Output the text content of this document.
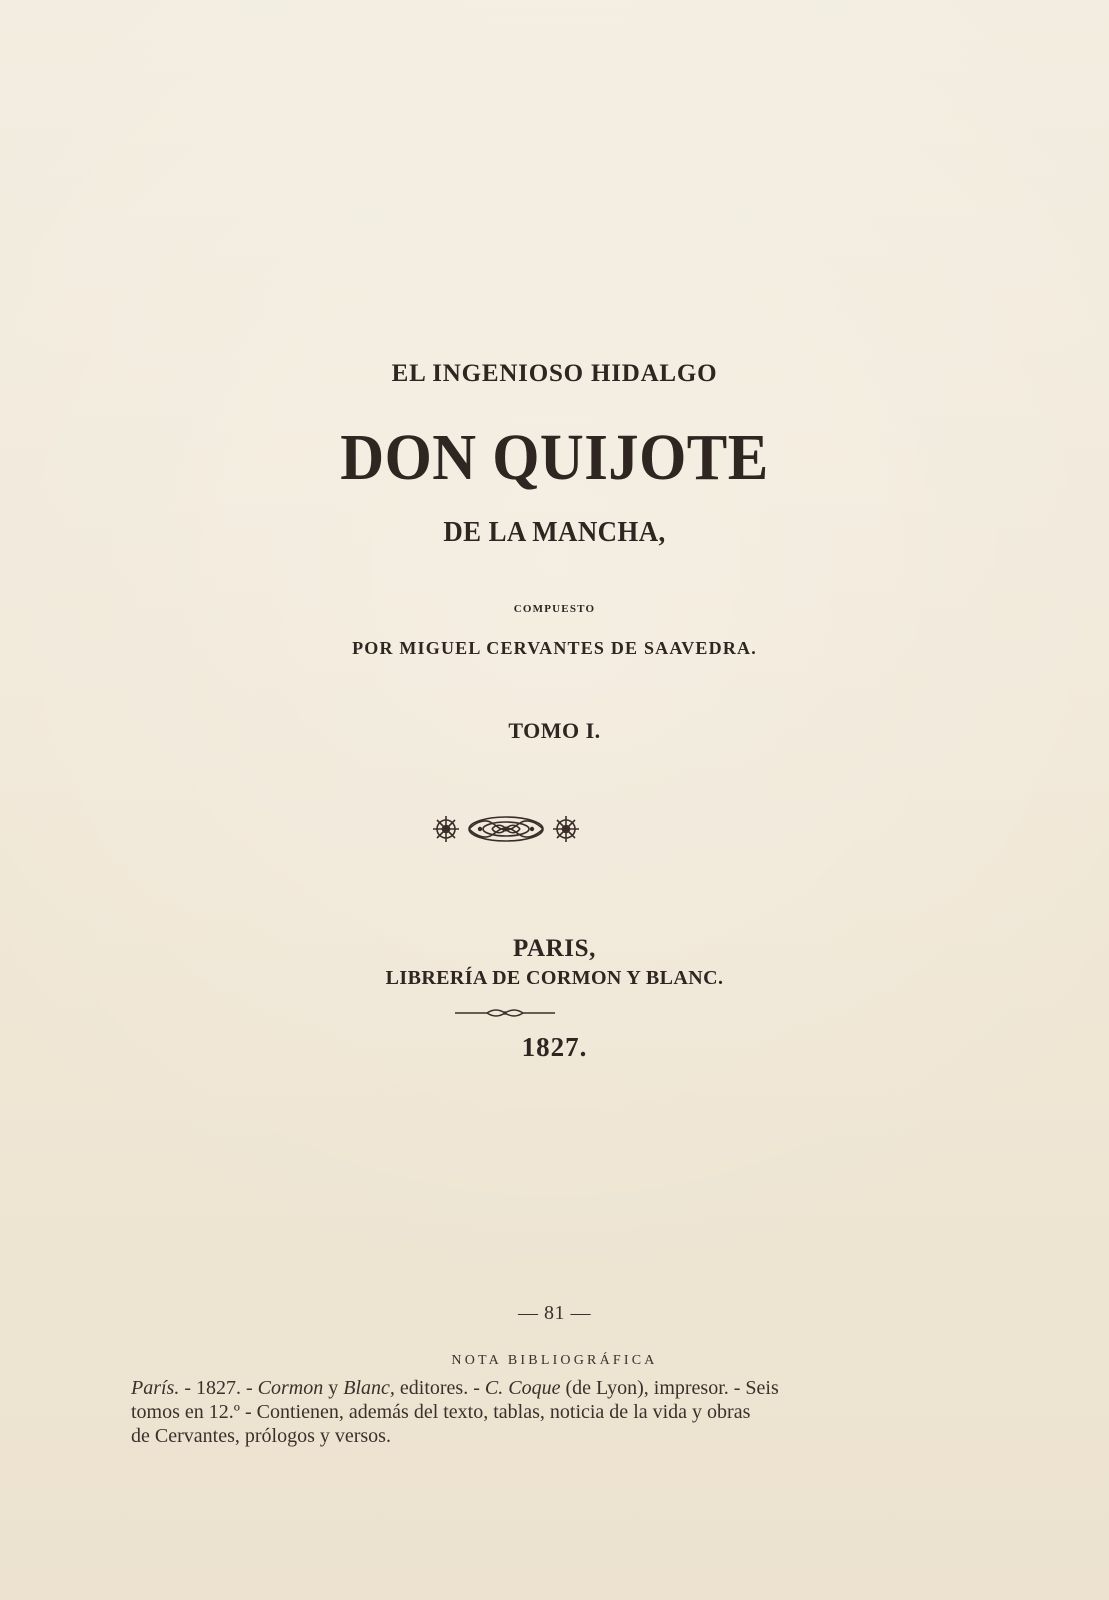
EL INGENIOSO HIDALGO
DON QUIJOTE
DE LA MANCHA,
COMPUESTO
POR MIGUEL CERVANTES DE SAAVEDRA.
TOMO I.
PARIS,
LIBRERÍA DE CORMON Y BLANC.
1827.
— 81 —
NOTA BIBLIOGRÁFICA

París. - 1827. - Cormon y Blanc, editores. - C. Coque (de Lyon), impresor. - Seis
tomos en 12.º - Contienen, además del texto, tablas, noticia de la vida y obras
de Cervantes, prólogos y versos.
